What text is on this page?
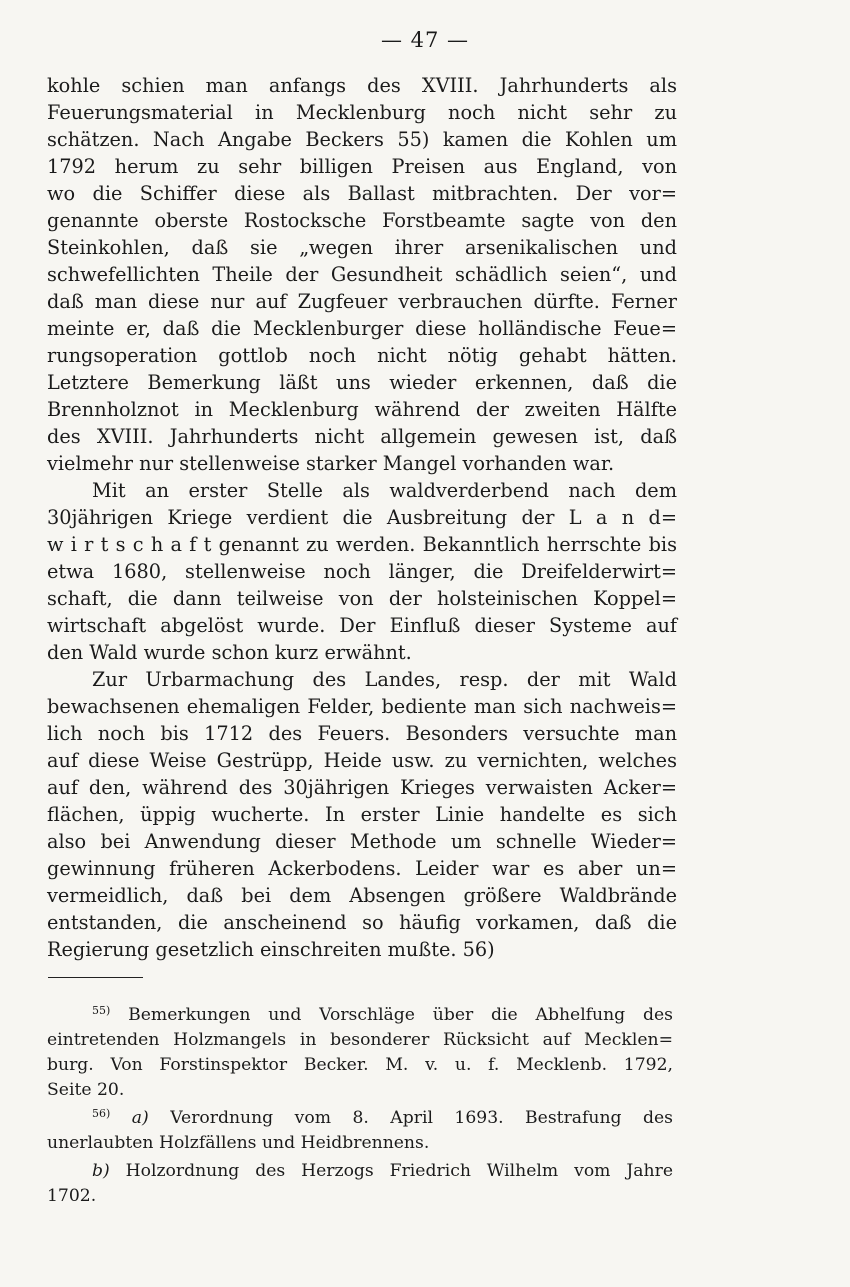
— 47 —
kohle schien man anfangs des XVIII. Jahrhunderts als
Feuerungsmaterial in Mecklenburg noch nicht sehr zu
schätzen. Nach Angabe Beckers 55) kamen die Kohlen um
1792 herum zu sehr billigen Preisen aus England, von
wo die Schiffer diese als Ballast mitbrachten. Der vor=
genannte oberste Rostocksche Forstbeamte sagte von den
Steinkohlen, daß sie „wegen ihrer arsenikalischen und
schwefellichten Theile der Gesundheit schädlich seien“, und
daß man diese nur auf Zugfeuer verbrauchen dürfte. Ferner
meinte er, daß die Mecklenburger diese holländische Feue=
rungsoperation gottlob noch nicht nötig gehabt hätten.
Letztere Bemerkung läßt uns wieder erkennen, daß die
Brennholznot in Mecklenburg während der zweiten Hälfte
des XVIII. Jahrhunderts nicht allgemein gewesen ist, daß
vielmehr nur stellenweise starker Mangel vorhanden war.
Mit an erster Stelle als waldverderbend nach dem
30jährigen Kriege verdient die Ausbreitung der L a n d=
w i r t s c h a f t genannt zu werden. Bekanntlich herrschte bis
etwa 1680, stellenweise noch länger, die Dreifelderwirt=
schaft, die dann teilweise von der holsteinischen Koppel=
wirtschaft abgelöst wurde. Der Einfluß dieser Systeme auf
den Wald wurde schon kurz erwähnt.
Zur Urbarmachung des Landes, resp. der mit Wald
bewachsenen ehemaligen Felder, bediente man sich nachweis=
lich noch bis 1712 des Feuers. Besonders versuchte man
auf diese Weise Gestrüpp, Heide usw. zu vernichten, welches
auf den, während des 30jährigen Krieges verwaisten Acker=
flächen, üppig wucherte. In erster Linie handelte es sich
also bei Anwendung dieser Methode um schnelle Wieder=
gewinnung früheren Ackerbodens. Leider war es aber un=
vermeidlich, daß bei dem Absengen größere Waldbrände
entstanden, die anscheinend so häufig vorkamen, daß die
Regierung gesetzlich einschreiten mußte. 56)
$^{55)}$ Bemerkungen und Vorschläge über die Abhelfung des
eintretenden Holzmangels in besonderer Rücksicht auf Mecklen=
burg. Von Forstinspektor Becker. M. v. u. f. Mecklenb. 1792,
Seite 20.
$^{56)}$ a) Verordnung vom 8. April 1693. Bestrafung des
unerlaubten Holzfällens und Heidbrennens.
b) Holzordnung des Herzogs Friedrich Wilhelm vom Jahre
1702.
